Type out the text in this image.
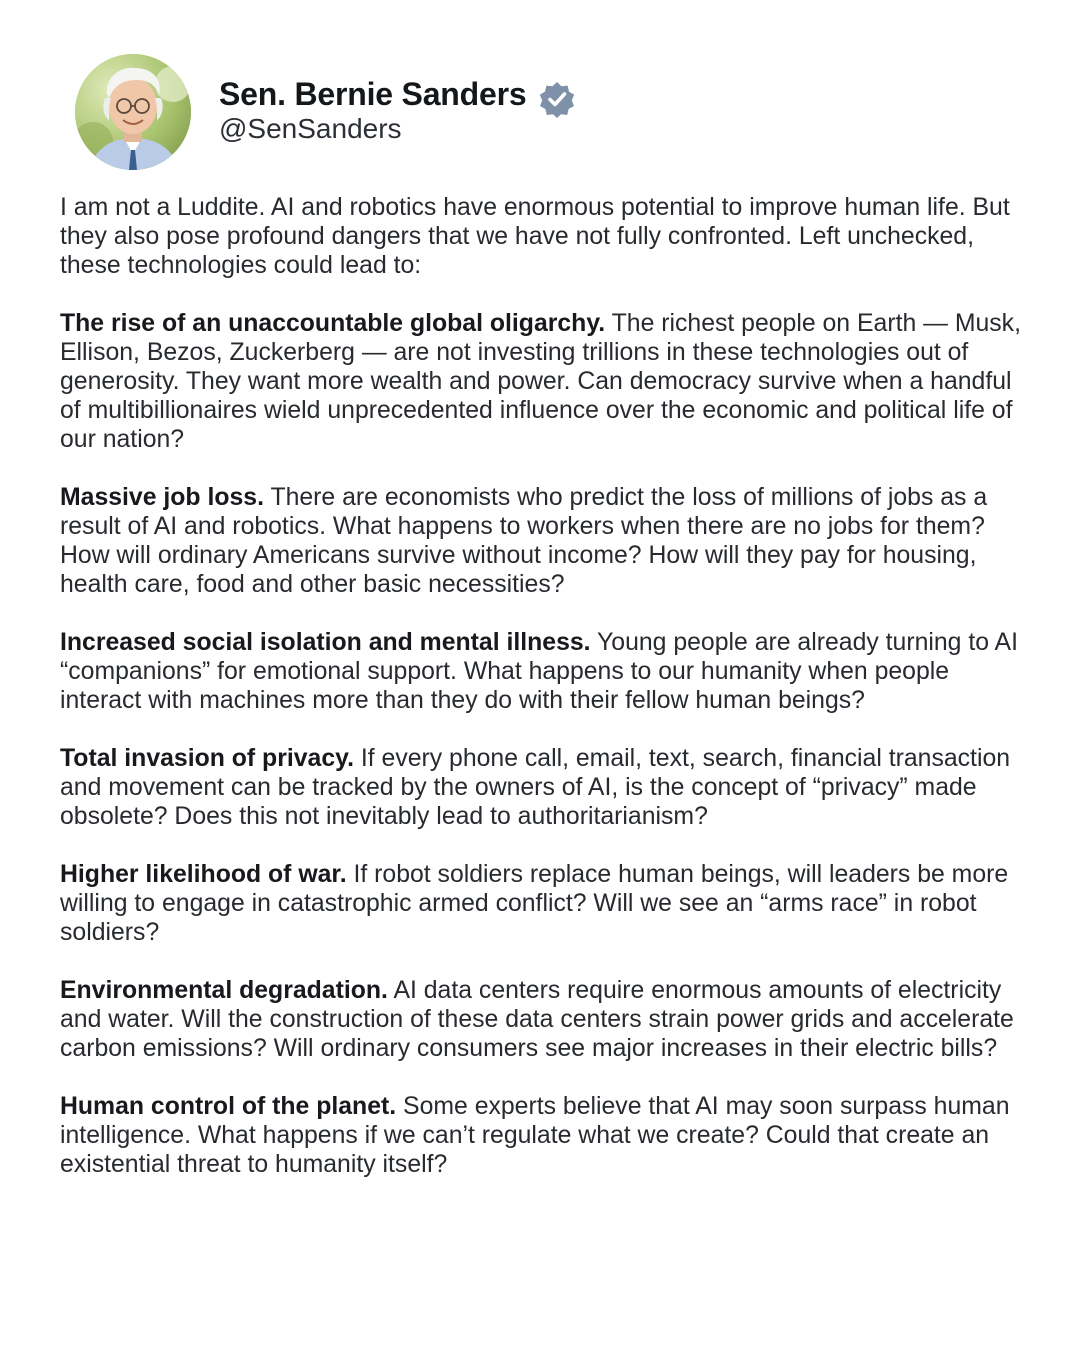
Sen. Bernie Sanders
@SenSanders

I am not a Luddite. AI and robotics have enormous potential to improve human life. But they also pose profound dangers that we have not fully confronted. Left unchecked, these technologies could lead to:

The rise of an unaccountable global oligarchy. The richest people on Earth — Musk, Ellison, Bezos, Zuckerberg — are not investing trillions in these technologies out of generosity. They want more wealth and power. Can democracy survive when a handful of multibillionaires wield unprecedented influence over the economic and political life of our nation?

Massive job loss. There are economists who predict the loss of millions of jobs as a result of AI and robotics. What happens to workers when there are no jobs for them? How will ordinary Americans survive without income? How will they pay for housing, health care, food and other basic necessities?

Increased social isolation and mental illness. Young people are already turning to AI “companions” for emotional support. What happens to our humanity when people interact with machines more than they do with their fellow human beings?

Total invasion of privacy. If every phone call, email, text, search, financial transaction and movement can be tracked by the owners of AI, is the concept of “privacy” made obsolete? Does this not inevitably lead to authoritarianism?

Higher likelihood of war. If robot soldiers replace human beings, will leaders be more willing to engage in catastrophic armed conflict? Will we see an “arms race” in robot soldiers?

Environmental degradation. AI data centers require enormous amounts of electricity and water. Will the construction of these data centers strain power grids and accelerate carbon emissions? Will ordinary consumers see major increases in their electric bills?

Human control of the planet. Some experts believe that AI may soon surpass human intelligence. What happens if we can’t regulate what we create? Could that create an existential threat to humanity itself?
